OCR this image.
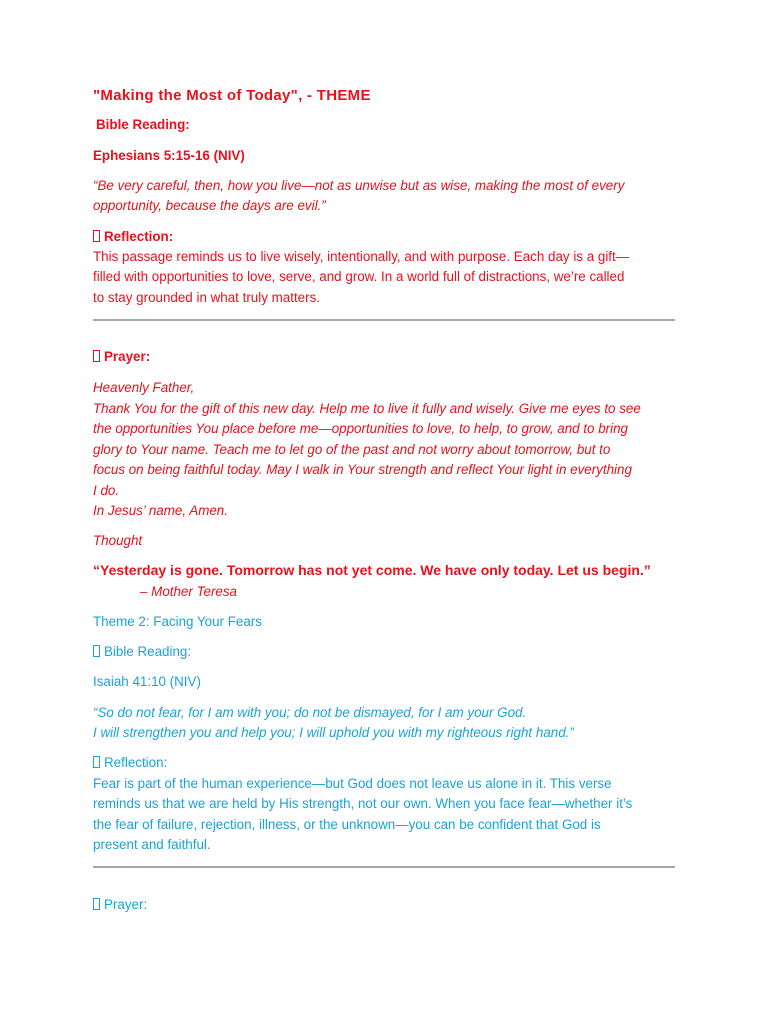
"Making the Most of Today", - THEME

Bible Reading:

Ephesians 5:15-16 (NIV)

“Be very careful, then, how you live—not as unwise but as wise, making the most of every

opportunity, because the days are evil.”

Reflection:

This passage reminds us to live wisely, intentionally, and with purpose. Each day is a gift—

filled with opportunities to love, serve, and grow. In a world full of distractions, we’re called

to stay grounded in what truly matters.

Prayer:

Heavenly Father,

Thank You for the gift of this new day. Help me to live it fully and wisely. Give me eyes to see

the opportunities You place before me—opportunities to love, to help, to grow, and to bring

glory to Your name. Teach me to let go of the past and not worry about tomorrow, but to

focus on being faithful today. May I walk in Your strength and reflect Your light in everything

I do.

In Jesus’ name, Amen.

Thought

“Yesterday is gone. Tomorrow has not yet come. We have only today. Let us begin.”

– Mother Teresa

Theme 2: Facing Your Fears

Bible Reading:

Isaiah 41:10 (NIV)

“So do not fear, for I am with you; do not be dismayed, for I am your God.

I will strengthen you and help you; I will uphold you with my righteous right hand.”

Reflection:

Fear is part of the human experience—but God does not leave us alone in it. This verse

reminds us that we are held by His strength, not our own. When you face fear—whether it’s

the fear of failure, rejection, illness, or the unknown—you can be confident that God is

present and faithful.

Prayer:
